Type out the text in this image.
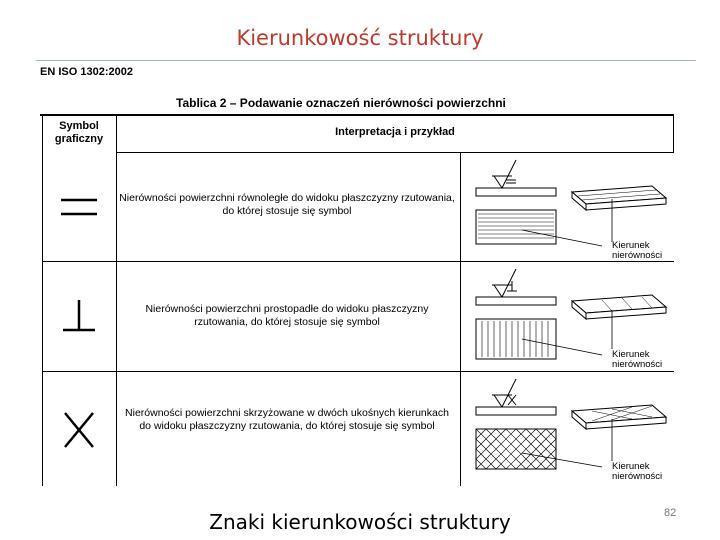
Kierunkowość struktury
EN ISO 1302:2002
Tablica 2 – Podawanie oznaczeń nierówności powierzchni
Symbol graficzny
Interpretacja i przykład
Nierówności powierzchni równoległe do widoku płaszczyzny rzutowania, do której stosuje się symbol
Kierunek
nierówności
Nierówności powierzchni prostopadłe do widoku płaszczyzny rzutowania, do której stosuje się symbol
Kierunek
nierówności
Nierówności powierzchni skrzyżowane w dwóch ukośnych kierunkach do widoku płaszczyzny rzutowania, do której stosuje się symbol
Kierunek
nierówności
Znaki kierunkowości struktury	82
